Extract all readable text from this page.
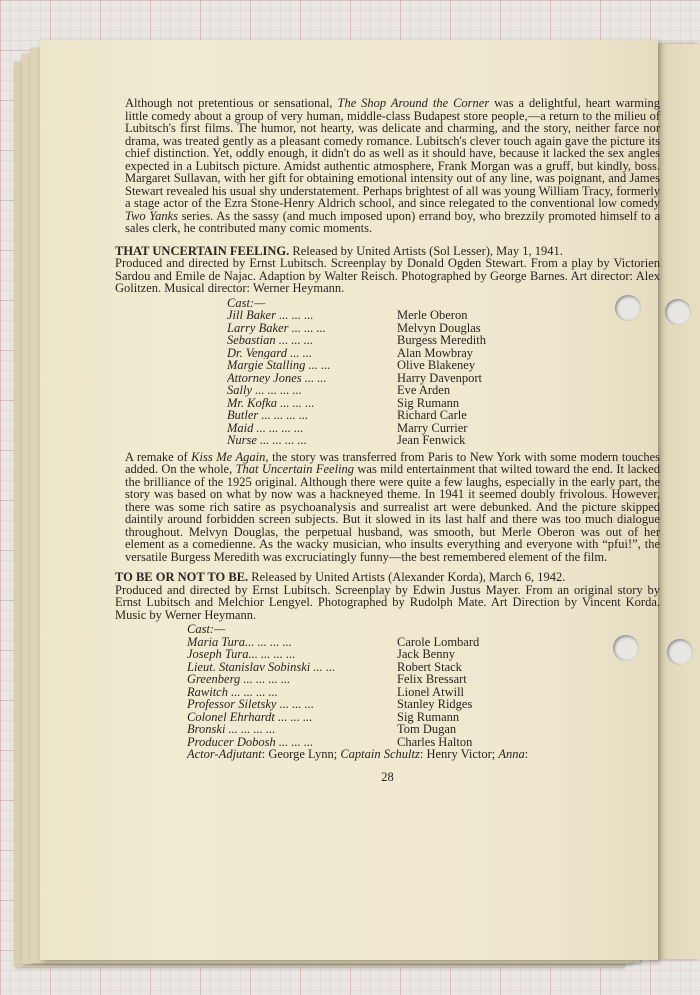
Although not pretentious or sensational, The Shop Around the Corner was a delightful, heart warming little comedy about a group of very human, middle-class Budapest store people,—a return to the milieu of Lubitsch's first films. The humor, not hearty, was delicate and charming, and the story, neither farce nor drama, was treated gently as a pleasant comedy romance. Lubitsch's clever touch again gave the picture its chief distinction. Yet, oddly enough, it didn't do as well as it should have, because it lacked the sex angles expected in a Lubitsch picture. Amidst authentic atmosphere, Frank Morgan was a gruff, but kindly, boss. Margaret Sullavan, with her gift for obtaining emotional intensity out of any line, was poignant, and James Stewart revealed his usual shy understatement. Perhaps brightest of all was young William Tracy, formerly a stage actor of the Ezra Stone-Henry Aldrich school, and since relegated to the conventional low comedy Two Yanks series. As the sassy (and much imposed upon) errand boy, who brezzily promoted himself to a sales clerk, he contributed many comic moments.

THAT UNCERTAIN FEELING. Released by United Artists (Sol Lesser), May 1, 1941.

Produced and directed by Ernst Lubitsch. Screenplay by Donald Ogden Stewart. From a play by Victorien Sardou and Emile de Najac. Adaption by Walter Reisch. Photographed by George Barnes. Art director: Alex Golitzen. Musical director: Werner Heymann.

Cast:—
Jill Baker ... ... ...	Merle Oberon
Larry Baker ... ... ...	Melvyn Douglas
Sebastian ... ... ...	Burgess Meredith
Dr. Vengard ... ...	Alan Mowbray
Margie Stalling ... ...	Olive Blakeney
Attorney Jones ... ...	Harry Davenport
Sally ... ... ... ...	Eve Arden
Mr. Kofka ... ... ...	Sig Rumann
Butler ... ... ... ...	Richard Carle
Maid ... ... ... ...	Marry Currier
Nurse ... ... ... ...	Jean Fenwick

A remake of Kiss Me Again, the story was transferred from Paris to New York with some modern touches added. On the whole, That Uncertain Feeling was mild entertainment that wilted toward the end. It lacked the brilliance of the 1925 original. Although there were quite a few laughs, especially in the early part, the story was based on what by now was a hackneyed theme. In 1941 it seemed doubly frivolous. However, there was some rich satire as psychoanalysis and surrealist art were debunked. And the picture skipped daintily around forbidden screen subjects. But it slowed in its last half and there was too much dialogue throughout. Melvyn Douglas, the perpetual husband, was smooth, but Merle Oberon was out of her element as a comedienne. As the wacky musician, who insults everything and everyone with “pfui!”, the versatile Burgess Meredith was excruciatingly funny—the best remembered element of the film.

TO BE OR NOT TO BE. Released by United Artists (Alexander Korda), March 6, 1942.

Produced and directed by Ernst Lubitsch. Screenplay by Edwin Justus Mayer. From an original story by Ernst Lubitsch and Melchior Lengyel. Photographed by Rudolph Mate. Art Direction by Vincent Korda. Music by Werner Heymann.

Cast:—
Maria Tura... ... ... ...	Carole Lombard
Joseph Tura... ... ... ...	Jack Benny
Lieut. Stanislav Sobinski ... ...	Robert Stack
Greenberg ... ... ... ...	Felix Bressart
Rawitch ... ... ... ...	Lionel Atwill
Professor Siletsky ... ... ...	Stanley Ridges
Colonel Ehrhardt ... ... ...	Sig Rumann
Bronski ... ... ... ...	Tom Dugan
Producer Dobosh ... ... ...	Charles Halton
Actor-Adjutant: George Lynn; Captain Schultz: Henry Victor; Anna:

28
